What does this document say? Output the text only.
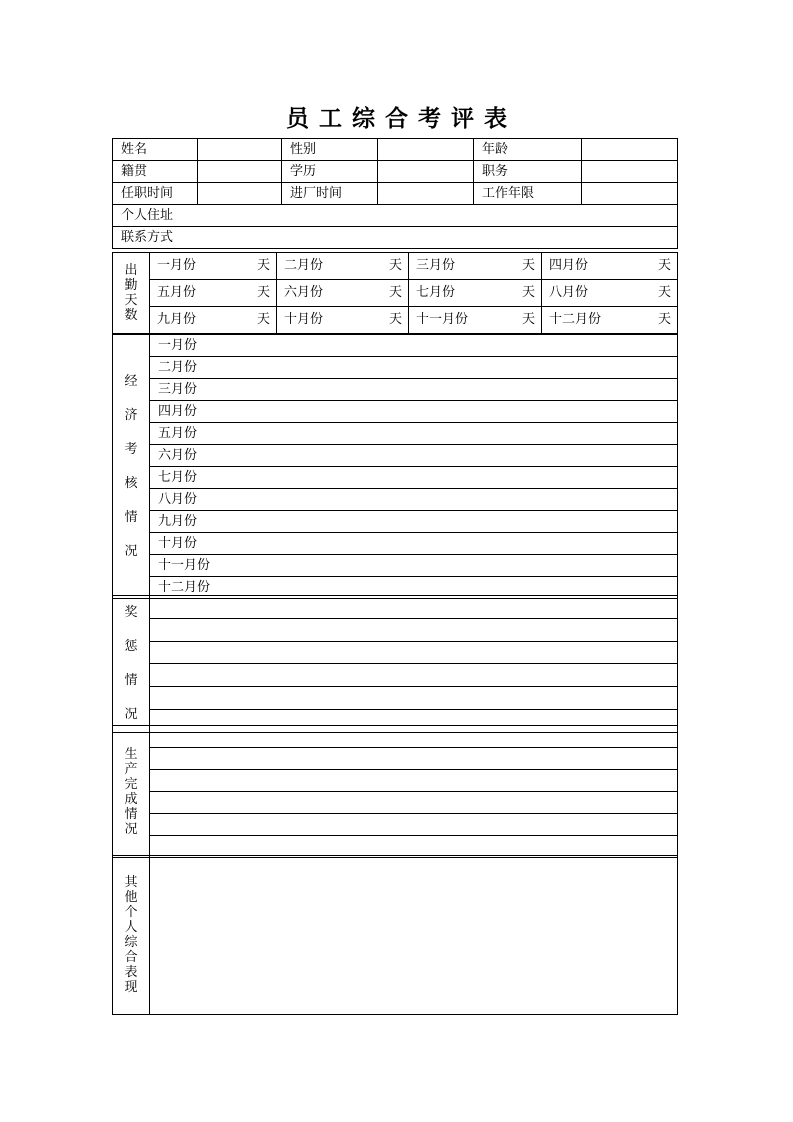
员 工 综 合 考 评 表
姓名		性别		年龄	
籍贯		学历		职务	
任职时间		进厂时间		工作年限	
个人住址					
联系方式					
出
勤
天
数	一月份 天	二月份 天	三月份 天	四月份 天

	五月份 天	六月份 天	七月份 天	八月份 天

	九月份 天	十月份 天	十一月份 天	十二月份 天
经
济
考
核
情
况
	一月份
二月份
三月份
四月份
五月份
六月份
七月份
八月份
九月份
十月份
十一月份
十二月份
奖
惩
情
况

生
产
完
成
情
况

其
他
个
人
综
合
表
现
